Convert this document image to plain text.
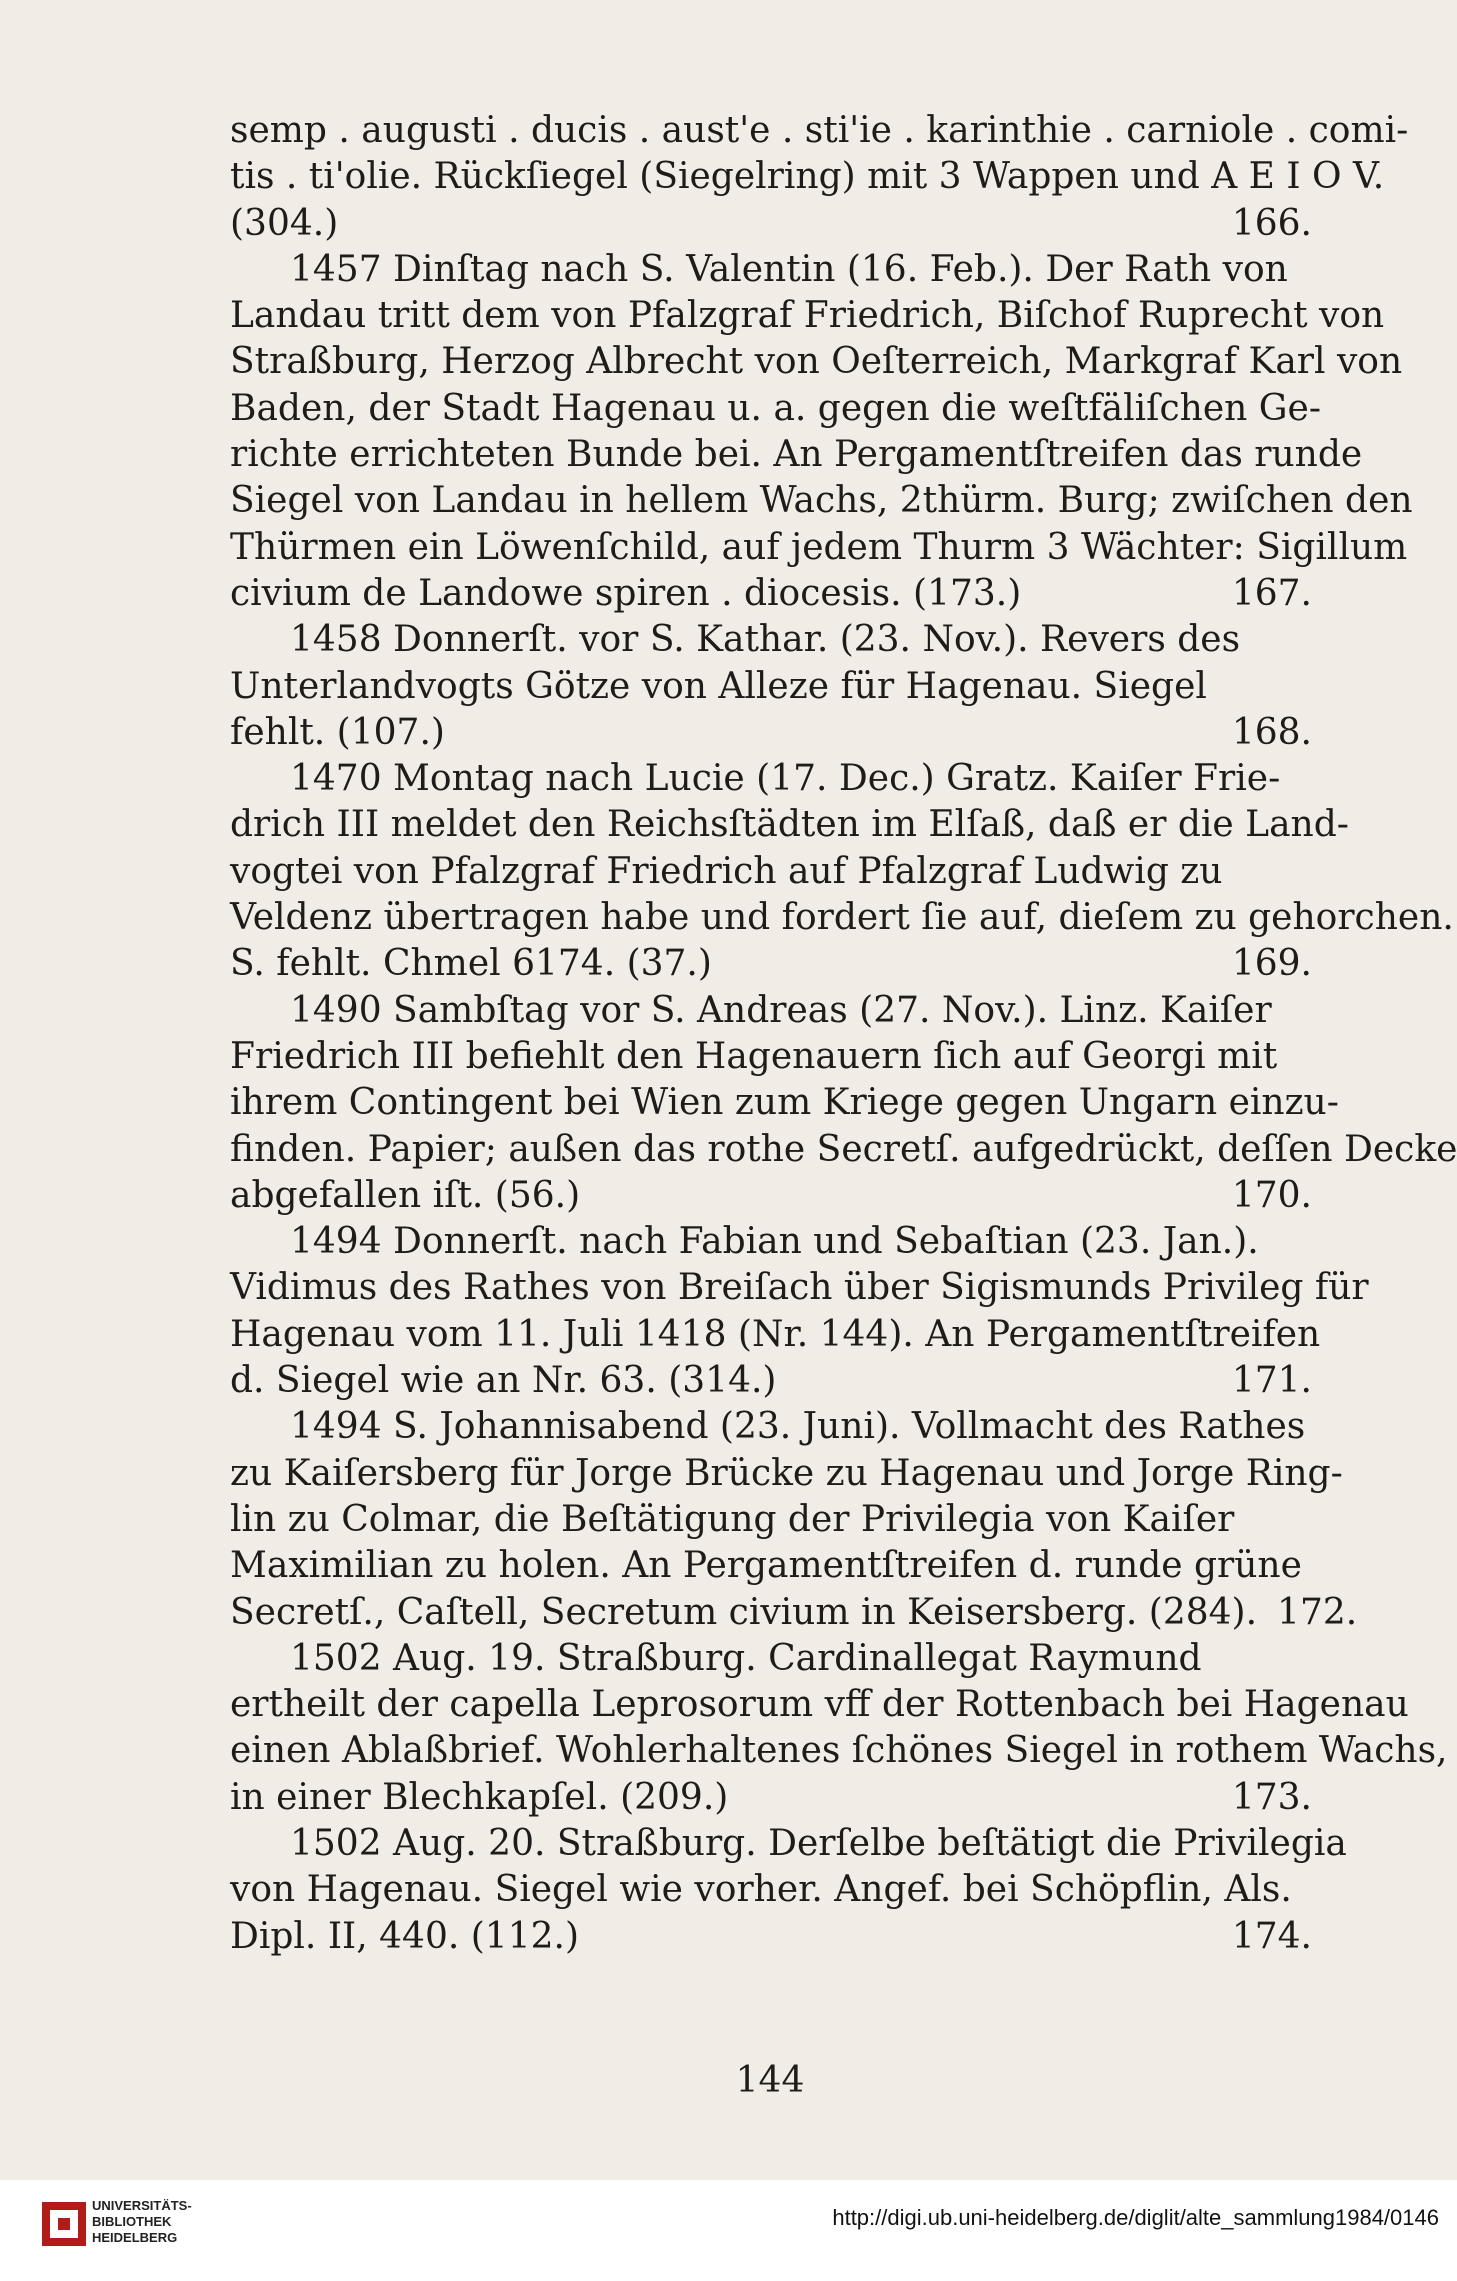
semp . augusti . ducis . aust'e . sti'ie . karinthie . carniole . comi-
tis . ti'olie. Rückſiegel (Siegelring) mit 3 Wappen und A E I O V.
(304.)	166.
1457 Dinſtag nach S. Valentin (16. Feb.). Der Rath von
Landau tritt dem von Pfalzgraf Friedrich, Biſchof Ruprecht von
Straßburg, Herzog Albrecht von Oeſterreich, Markgraf Karl von
Baden, der Stadt Hagenau u. a. gegen die weſtfäliſchen Ge-
richte errichteten Bunde bei. An Pergamentſtreifen das runde
Siegel von Landau in hellem Wachs, 2thürm. Burg; zwiſchen den
Thürmen ein Löwenſchild, auf jedem Thurm 3 Wächter: Sigillum
civium de Landowe spiren . diocesis. (173.)	167.
1458 Donnerſt. vor S. Kathar. (23. Nov.). Revers des
Unterlandvogts Götze von Alleze für Hagenau. Siegel
fehlt. (107.)	168.
1470 Montag nach Lucie (17. Dec.) Gratz. Kaiſer Frie-
drich III meldet den Reichsſtädten im Elſaß, daß er die Land-
vogtei von Pfalzgraf Friedrich auf Pfalzgraf Ludwig zu
Veldenz übertragen habe und fordert ſie auf, dieſem zu gehorchen.
S. fehlt. Chmel 6174. (37.)	169.
1490 Sambſtag vor S. Andreas (27. Nov.). Linz. Kaiſer
Friedrich III befiehlt den Hagenauern ſich auf Georgi mit
ihrem Contingent bei Wien zum Kriege gegen Ungarn einzu-
finden. Papier; außen das rothe Secretſ. aufgedrückt, deſſen Decke
abgefallen iſt. (56.)	170.
1494 Donnerſt. nach Fabian und Sebaſtian (23. Jan.).
Vidimus des Rathes von Breiſach über Sigismunds Privileg für
Hagenau vom 11. Juli 1418 (Nr. 144). An Pergamentſtreifen
d. Siegel wie an Nr. 63. (314.)	171.
1494 S. Johannisabend (23. Juni). Vollmacht des Rathes
zu Kaiſersberg für Jorge Brücke zu Hagenau und Jorge Ring-
lin zu Colmar, die Beſtätigung der Privilegia von Kaiſer
Maximilian zu holen. An Pergamentſtreifen d. runde grüne
Secretſ., Caſtell, Secretum civium in Keisersberg. (284). 172.
1502 Aug. 19. Straßburg. Cardinallegat Raymund
ertheilt der capella Leprosorum vff der Rottenbach bei Hagenau
einen Ablaßbrief. Wohlerhaltenes ſchönes Siegel in rothem Wachs,
in einer Blechkapſel. (209.)	173.
1502 Aug. 20. Straßburg. Derſelbe beſtätigt die Privilegia
von Hagenau. Siegel wie vorher. Angef. bei Schöpflin, Als.
Dipl. II, 440. (112.)	174.
144
UNIVERSITÄTS-
BIBLIOTHEK
HEIDELBERG
http://digi.ub.uni-heidelberg.de/diglit/alte_sammlung1984/0146
